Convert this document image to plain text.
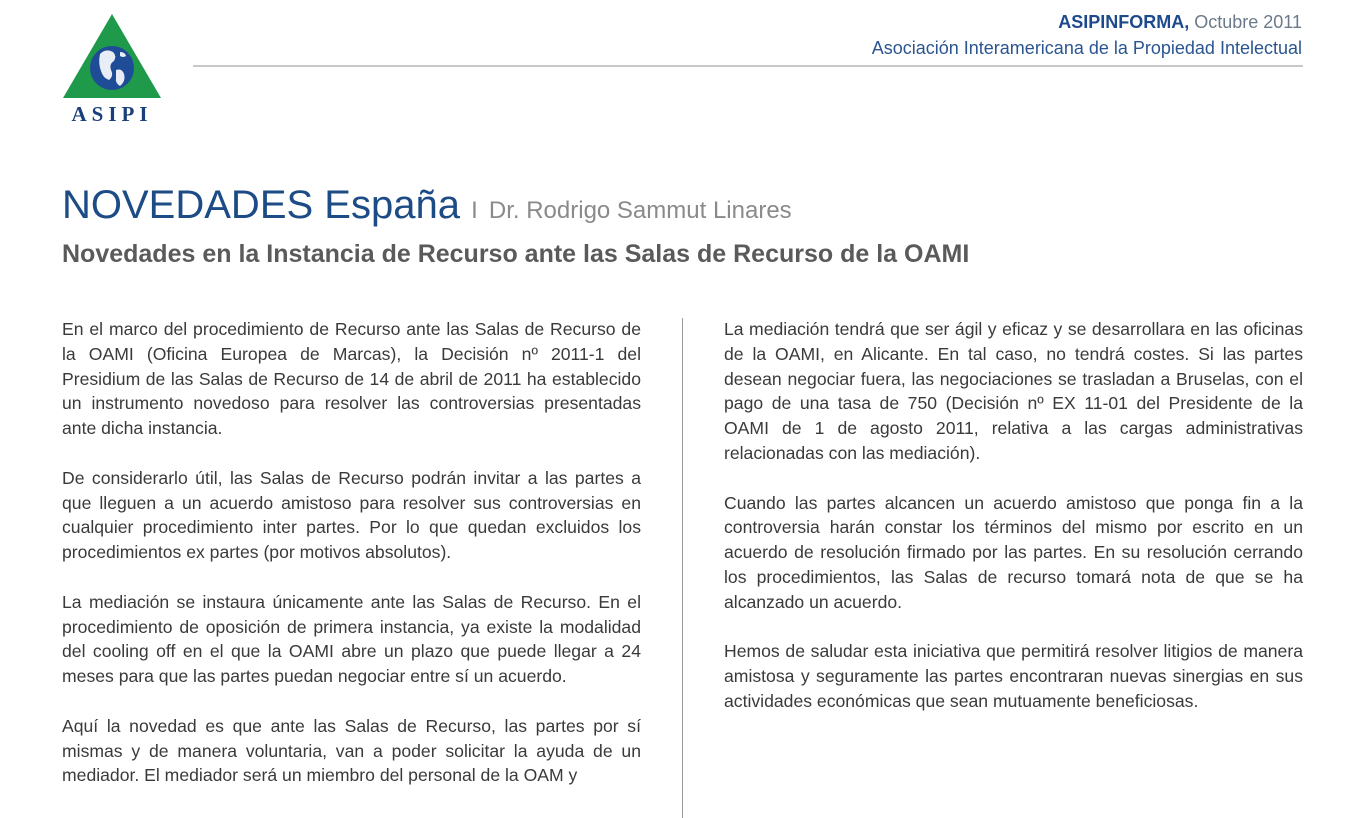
ASIPI
ASIPINFORMA, Octubre 2011
Asociación Interamericana de la Propiedad Intelectual
NOVEDADES España I Dr. Rodrigo Sammut Linares
Novedades en la Instancia de Recurso ante las Salas de Recurso de la OAMI

En el marco del procedimiento de Recurso ante las Salas de Recurso de la OAMI (Oficina Europea de Marcas), la Decisión nº 2011-1 del Presidium de las Salas de Recurso de 14 de abril de 2011 ha establecido un instrumento novedoso para resolver las controversias presentadas ante dicha instancia.

De considerarlo útil, las Salas de Recurso podrán invitar a las partes a que lleguen a un acuerdo amistoso para resolver sus controversias en cualquier procedimiento inter partes. Por lo que quedan excluidos los procedimientos ex partes (por motivos absolutos).

La mediación se instaura únicamente ante las Salas de Recurso. En el procedimiento de oposición de primera instancia, ya existe la modalidad del cooling off en el que la OAMI abre un plazo que puede llegar a 24 meses para que las partes puedan negociar entre sí un acuerdo.

Aquí la novedad es que ante las Salas de Recurso, las partes por sí mismas y de manera voluntaria, van a poder solicitar la ayuda de un mediador. El mediador será un miembro del personal de la OAM y

La mediación tendrá que ser ágil y eficaz y se desarrollara en las oficinas de la OAMI, en Alicante. En tal caso, no tendrá costes. Si las partes desean negociar fuera, las negociaciones se trasladan a Bruselas, con el pago de una tasa de 750 (Decisión nº EX 11-01 del Presidente de la OAMI de 1 de agosto 2011, relativa a las cargas administrativas relacionadas con las mediación).

Cuando las partes alcancen un acuerdo amistoso que ponga fin a la controversia harán constar los términos del mismo por escrito en un acuerdo de resolución firmado por las partes. En su resolución cerrando los procedimientos, las Salas de recurso tomará nota de que se ha alcanzado un acuerdo.

Hemos de saludar esta iniciativa que permitirá resolver litigios de manera amistosa y seguramente las partes encontraran nuevas sinergias en sus actividades económicas que sean mutuamente beneficiosas.
